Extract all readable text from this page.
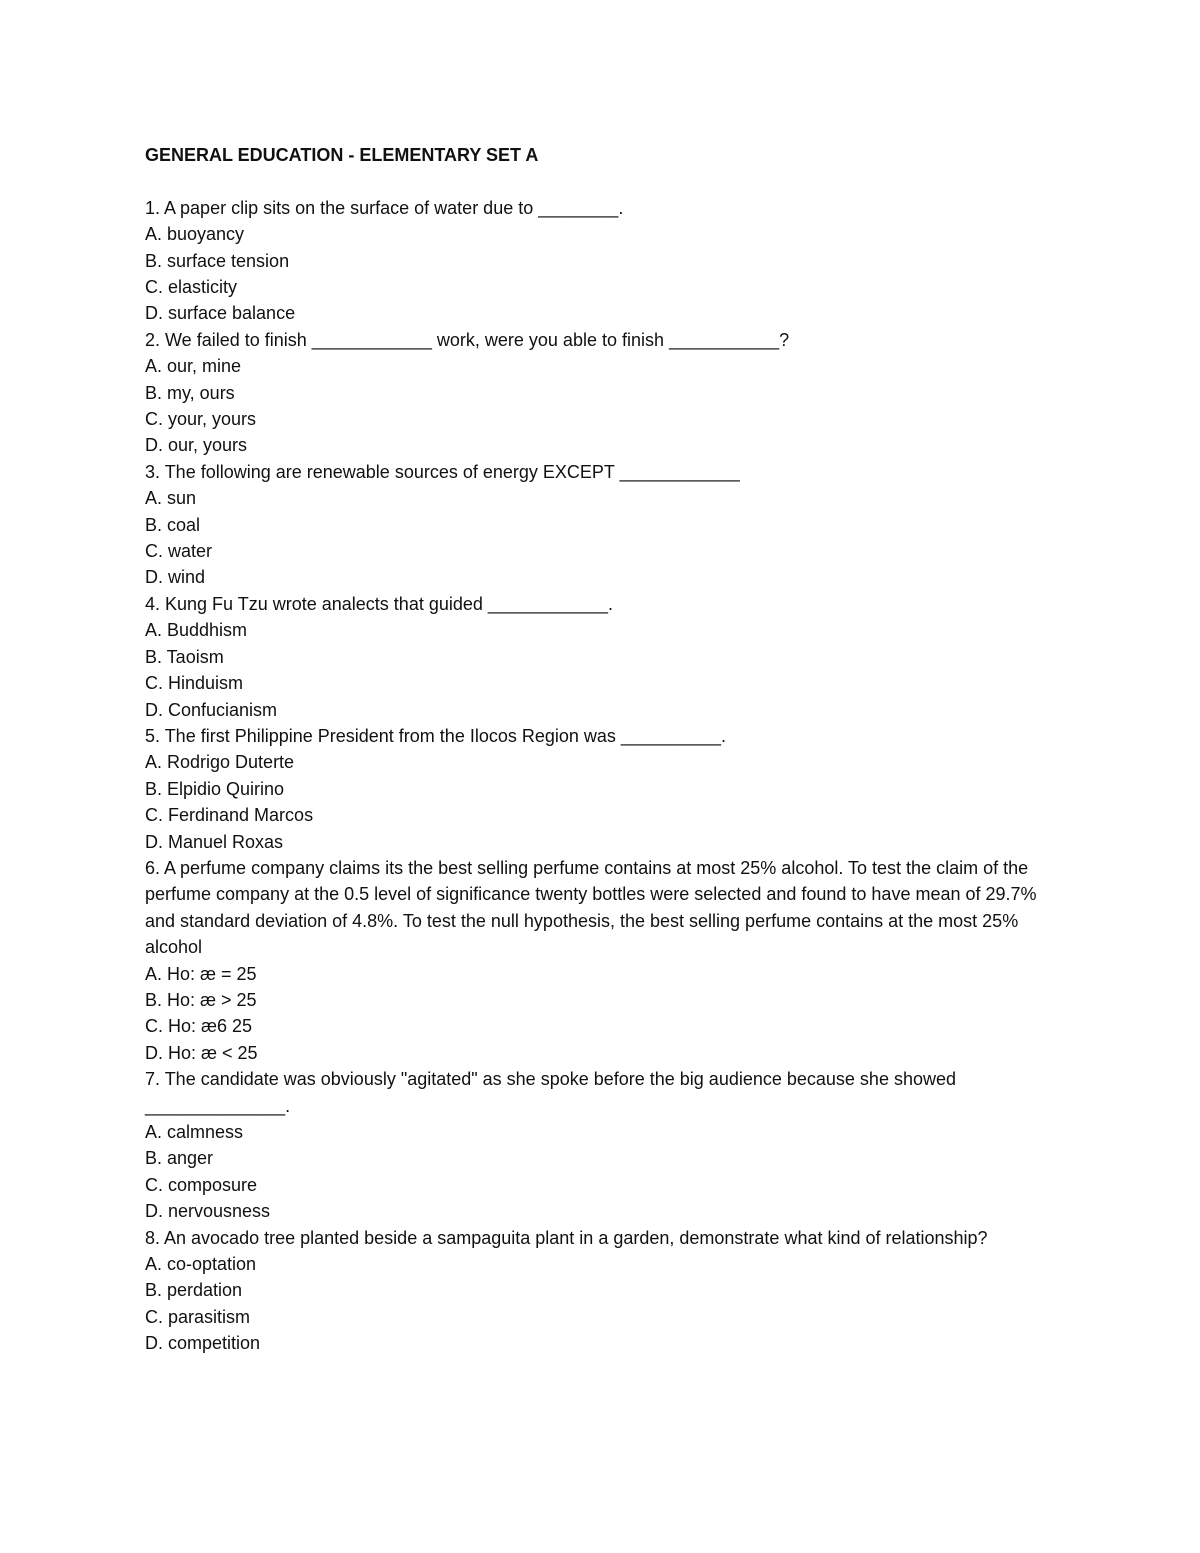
GENERAL EDUCATION - ELEMENTARY SET A
1. A paper clip sits on the surface of water due to ________.
A. buoyancy
B. surface tension
C. elasticity
D. surface balance
2. We failed to finish ____________ work, were you able to finish ___________?
A. our, mine
B. my, ours
C. your, yours
D. our, yours
3. The following are renewable sources of energy EXCEPT ____________
A. sun
B. coal
C. water
D. wind
4. Kung Fu Tzu wrote analects that guided ____________.
A. Buddhism
B. Taoism
C. Hinduism
D. Confucianism
5. The first Philippine President from the Ilocos Region was __________.
A. Rodrigo Duterte
B. Elpidio Quirino
C. Ferdinand Marcos
D. Manuel Roxas
6. A perfume company claims its the best selling perfume contains at most 25% alcohol. To test the claim of the perfume company at the 0.5 level of significance twenty bottles were selected and found to have mean of 29.7% and standard deviation of 4.8%. To test the null hypothesis, the best selling perfume contains at the most 25% alcohol
A. Ho: æ = 25
B. Ho: æ > 25
C. Ho: æ6 25
D. Ho: æ < 25
7. The candidate was obviously "agitated" as she spoke before the big audience because she showed ______________.
A. calmness
B. anger
C. composure
D. nervousness
8. An avocado tree planted beside a sampaguita plant in a garden, demonstrate what kind of relationship?
A. co-optation
B. perdation
C. parasitism
D. competition
